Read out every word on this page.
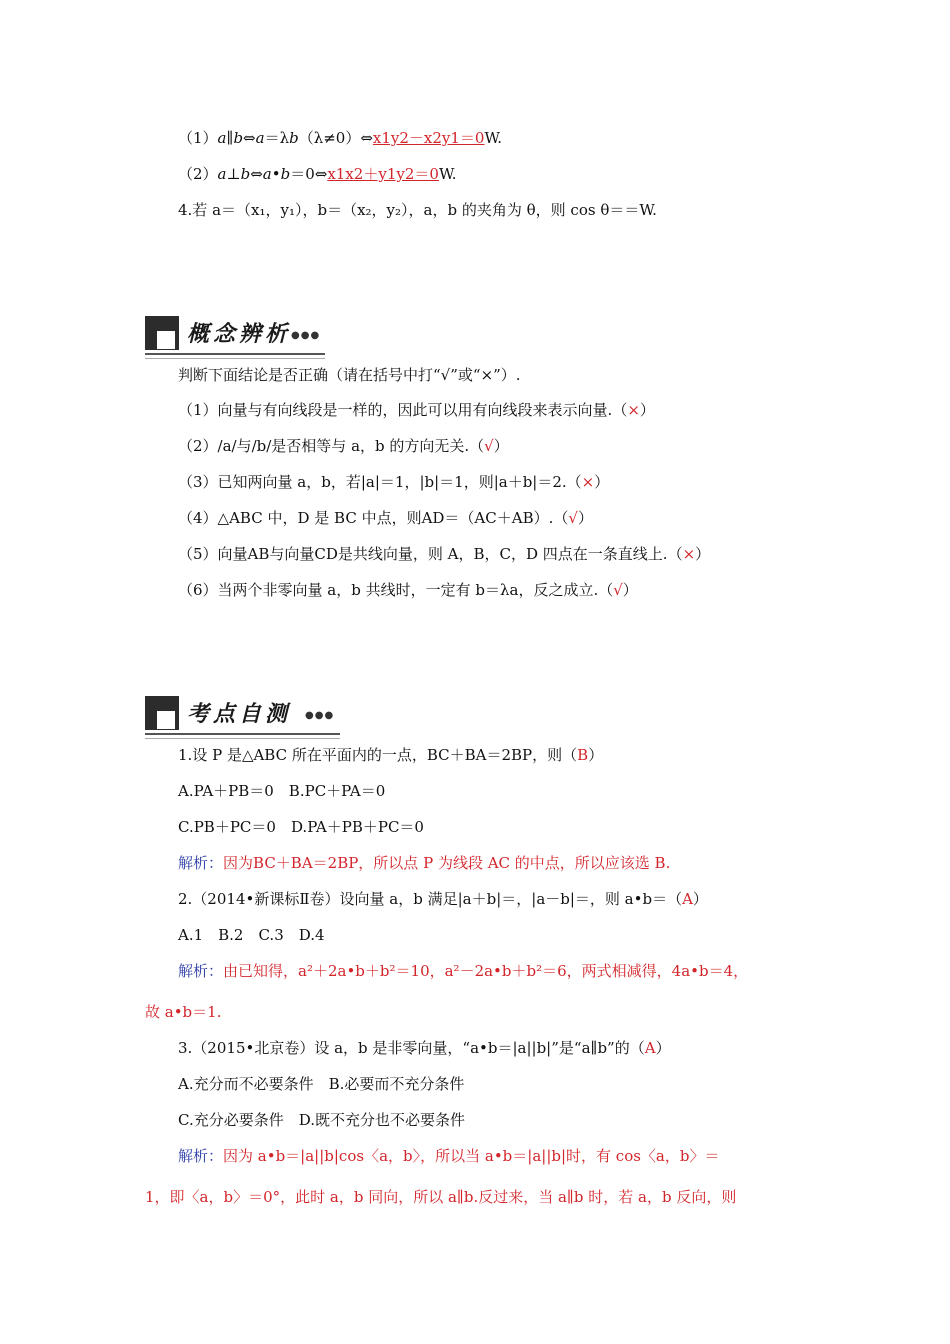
（1）a∥b⇔a＝λb（λ≠0）⇔x1y2－x2y1＝0W.
（2）a⊥b⇔a•b＝0⇔x1x2＋y1y2＝0W.
4.若 a＝（x₁，y₁），b＝（x₂，y₂），a，b 的夹角为 θ，则 cos θ＝＝W.
概念辨析 ●●●
判断下面结论是否正确（请在括号中打“√”或“×”）.
（1）向量与有向线段是一样的，因此可以用有向线段来表示向量.（×）
（2）/a/与/b/是否相等与 a，b 的方向无关.（√）
（3）已知两向量 a，b，若|a|＝1，|b|＝1，则|a＋b|＝2.（×）
（4）△ABC 中，D 是 BC 中点，则AD＝（AC＋AB）.（√）
（5）向量AB与向量CD是共线向量，则 A，B，C，D 四点在一条直线上.（×）
（6）当两个非零向量 a，b 共线时，一定有 b＝λa，反之成立.（√）
考点自测 ●●●
1.设 P 是△ABC 所在平面内的一点，BC＋BA＝2BP，则（B）
A.PA＋PB＝0　B.PC＋PA＝0
C.PB＋PC＝0　D.PA＋PB＋PC＝0
解析：因为BC＋BA＝2BP，所以点 P 为线段 AC 的中点，所以应该选 B.
2.（2014•新课标Ⅱ卷）设向量 a，b 满足|a＋b|＝，|a－b|＝，则 a•b＝（A）
A.1　B.2　C.3　D.4
解析：由已知得，a²＋2a•b＋b²＝10，a²－2a•b＋b²＝6，两式相减得，4a•b＝4，
故 a•b＝1.
3.（2015•北京卷）设 a，b 是非零向量，“a•b＝|a||b|”是“a∥b”的（A）
A.充分而不必要条件　B.必要而不充分条件
C.充分必要条件　D.既不充分也不必要条件
解析：因为 a•b＝|a||b|cos〈a，b〉，所以当 a•b＝|a||b|时，有 cos〈a，b〉＝
1，即〈a，b〉＝0°，此时 a，b 同向，所以 a∥b.反过来，当 a∥b 时，若 a，b 反向，则
